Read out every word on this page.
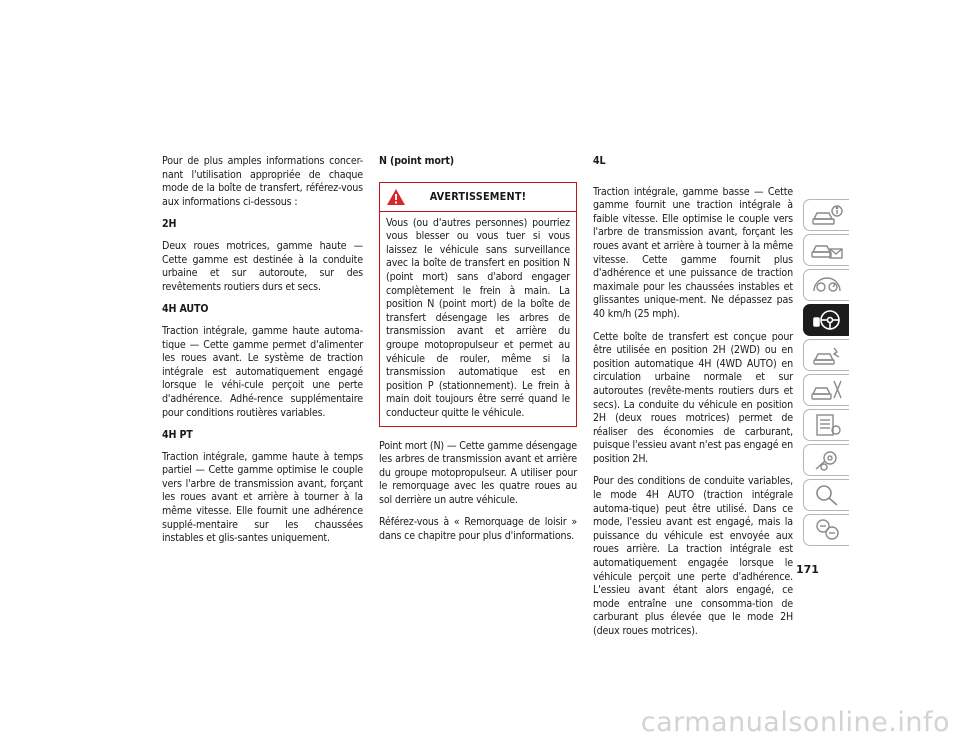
Pour de plus amples informations concer-nant l'utilisation appropriée de chaque mode de la boîte de transfert, référez-vous aux informations ci-dessous :

2H

Deux roues motrices, gamme haute — Cette gamme est destinée à la conduite urbaine et sur autoroute, sur des revêtements routiers durs et secs.

4H AUTO

Traction intégrale, gamme haute automa-tique — Cette gamme permet d'alimenter les roues avant. Le système de traction intégrale est automatiquement engagé lorsque le véhi-cule perçoit une perte d'adhérence. Adhé-rence supplémentaire pour conditions routières variables.

4H PT

Traction intégrale, gamme haute à temps partiel — Cette gamme optimise le couple vers l'arbre de transmission avant, forçant les roues avant et arrière à tourner à la même vitesse. Elle fournit une adhérence supplé-mentaire sur les chaussées instables et glis-santes uniquement.

N (point mort)
AVERTISSEMENT!

Vous (ou d'autres personnes) pourriez vous blesser ou vous tuer si vous laissez le véhicule sans surveillance avec la boîte de transfert en position N (point mort) sans d'abord engager complètement le frein à main. La position N (point mort) de la boîte de transfert désengage les arbres de transmission avant et arrière du groupe motopropulseur et permet au véhicule de rouler, même si la transmission automatique est en position P (stationnement). Le frein à main doit toujours être serré quand le conducteur quitte le véhicule.

Point mort (N) — Cette gamme désengage les arbres de transmission avant et arrière du groupe motopropulseur. A utiliser pour le remorquage avec les quatre roues au sol derrière un autre véhicule.

Référez-vous à « Remorquage de loisir » dans ce chapitre pour plus d'informations.

4L

Traction intégrale, gamme basse — Cette gamme fournit une traction intégrale à faible vitesse. Elle optimise le couple vers l'arbre de transmission avant, forçant les roues avant et arrière à tourner à la même vitesse. Cette gamme fournit plus d'adhérence et une puissance de traction maximale pour les chaussées instables et glissantes unique-ment. Ne dépassez pas 40 km/h (25 mph).

Cette boîte de transfert est conçue pour être utilisée en position 2H (2WD) ou en position automatique 4H (4WD AUTO) en circulation urbaine normale et sur autoroutes (revête-ments routiers durs et secs). La conduite du véhicule en position 2H (deux roues motrices) permet de réaliser des économies de carburant, puisque l'essieu avant n'est pas engagé en position 2H.

Pour des conditions de conduite variables, le mode 4H AUTO (traction intégrale automa-tique) peut être utilisé. Dans ce mode, l'essieu avant est engagé, mais la puissance du véhicule est envoyée aux roues arrière. La traction intégrale est automatiquement engagée lorsque le véhicule perçoit une perte d'adhérence. L'essieu avant étant alors engagé, ce mode entraîne une consomma-tion de carburant plus élevée que le mode 2H (deux roues motrices).

171
carmanualsonline.info
